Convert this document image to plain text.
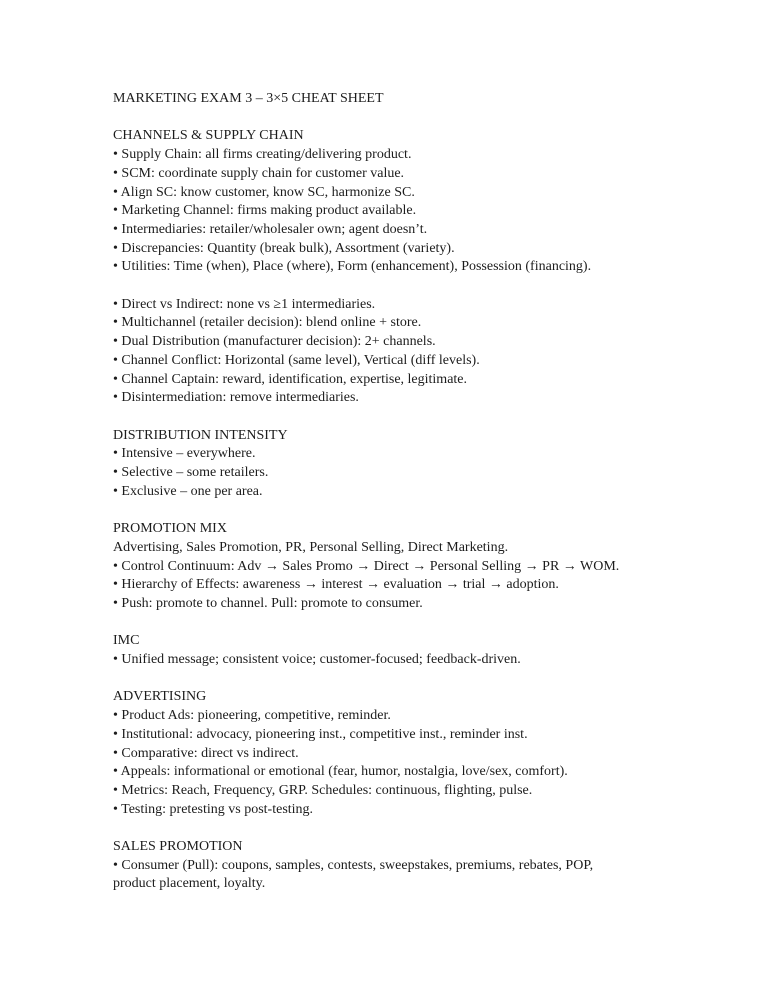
MARKETING EXAM 3 – 3×5 CHEAT SHEET
CHANNELS & SUPPLY CHAIN
• Supply Chain: all firms creating/delivering product.
• SCM: coordinate supply chain for customer value.
• Align SC: know customer, know SC, harmonize SC.
• Marketing Channel: firms making product available.
• Intermediaries: retailer/wholesaler own; agent doesn’t.
• Discrepancies: Quantity (break bulk), Assortment (variety).
• Utilities: Time (when), Place (where), Form (enhancement), Possession (financing).
• Direct vs Indirect: none vs ≥1 intermediaries.
• Multichannel (retailer decision): blend online + store.
• Dual Distribution (manufacturer decision): 2+ channels.
• Channel Conflict: Horizontal (same level), Vertical (diff levels).
• Channel Captain: reward, identification, expertise, legitimate.
• Disintermediation: remove intermediaries.
DISTRIBUTION INTENSITY
• Intensive – everywhere.
• Selective – some retailers.
• Exclusive – one per area.
PROMOTION MIX
Advertising, Sales Promotion, PR, Personal Selling, Direct Marketing.
• Control Continuum: Adv → Sales Promo → Direct → Personal Selling → PR → WOM.
• Hierarchy of Effects: awareness → interest → evaluation → trial → adoption.
• Push: promote to channel. Pull: promote to consumer.
IMC
• Unified message; consistent voice; customer-focused; feedback-driven.
ADVERTISING
• Product Ads: pioneering, competitive, reminder.
• Institutional: advocacy, pioneering inst., competitive inst., reminder inst.
• Comparative: direct vs indirect.
• Appeals: informational or emotional (fear, humor, nostalgia, love/sex, comfort).
• Metrics: Reach, Frequency, GRP. Schedules: continuous, flighting, pulse.
• Testing: pretesting vs post-testing.
SALES PROMOTION
• Consumer (Pull): coupons, samples, contests, sweepstakes, premiums, rebates, POP,
product placement, loyalty.
